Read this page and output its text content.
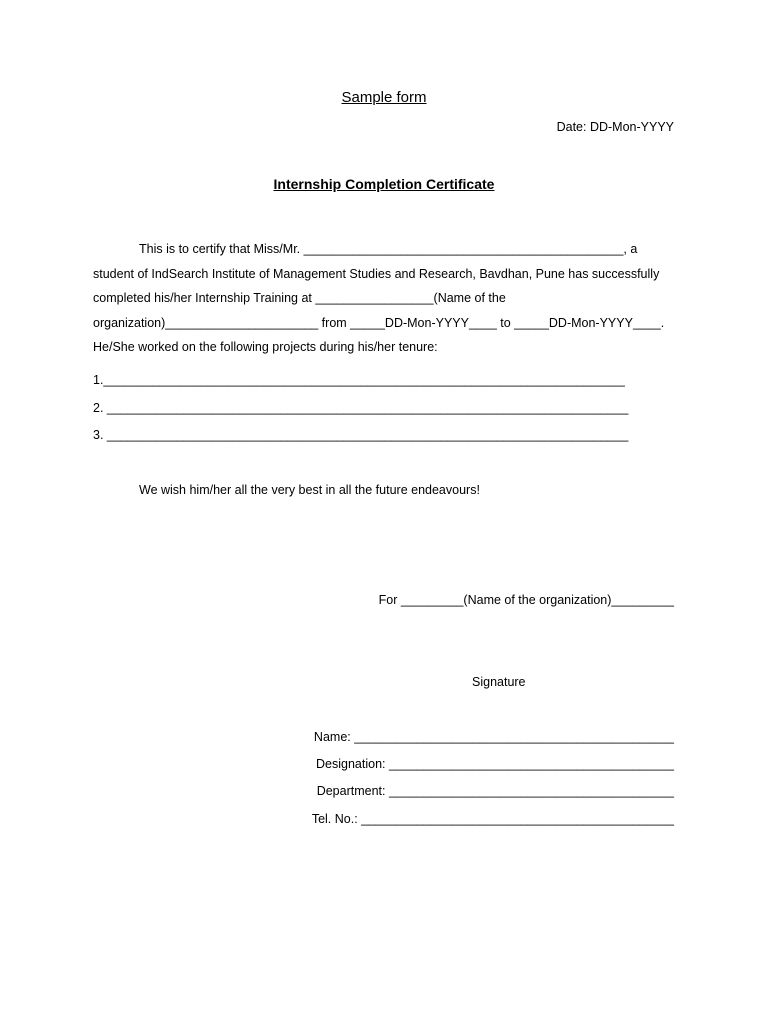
Sample form
Date: DD-Mon-YYYY
Internship Completion Certificate
This is to certify that Miss/Mr. ______________________________________________, a
student of IndSearch Institute of Management Studies and Research, Bavdhan, Pune has successfully
completed his/her Internship Training at _________________(Name of the
organization)______________________ from _____DD-Mon-YYYY____ to _____DD-Mon-YYYY____.
He/She worked on the following projects during his/her tenure:
1.___________________________________________________________________________
2. ___________________________________________________________________________
3. ___________________________________________________________________________
We wish him/her all the very best in all the future endeavours!
For _________(Name of the organization)_________
Signature
Name: ______________________________________________
Designation: _________________________________________
Department: _________________________________________
Tel. No.: _____________________________________________
